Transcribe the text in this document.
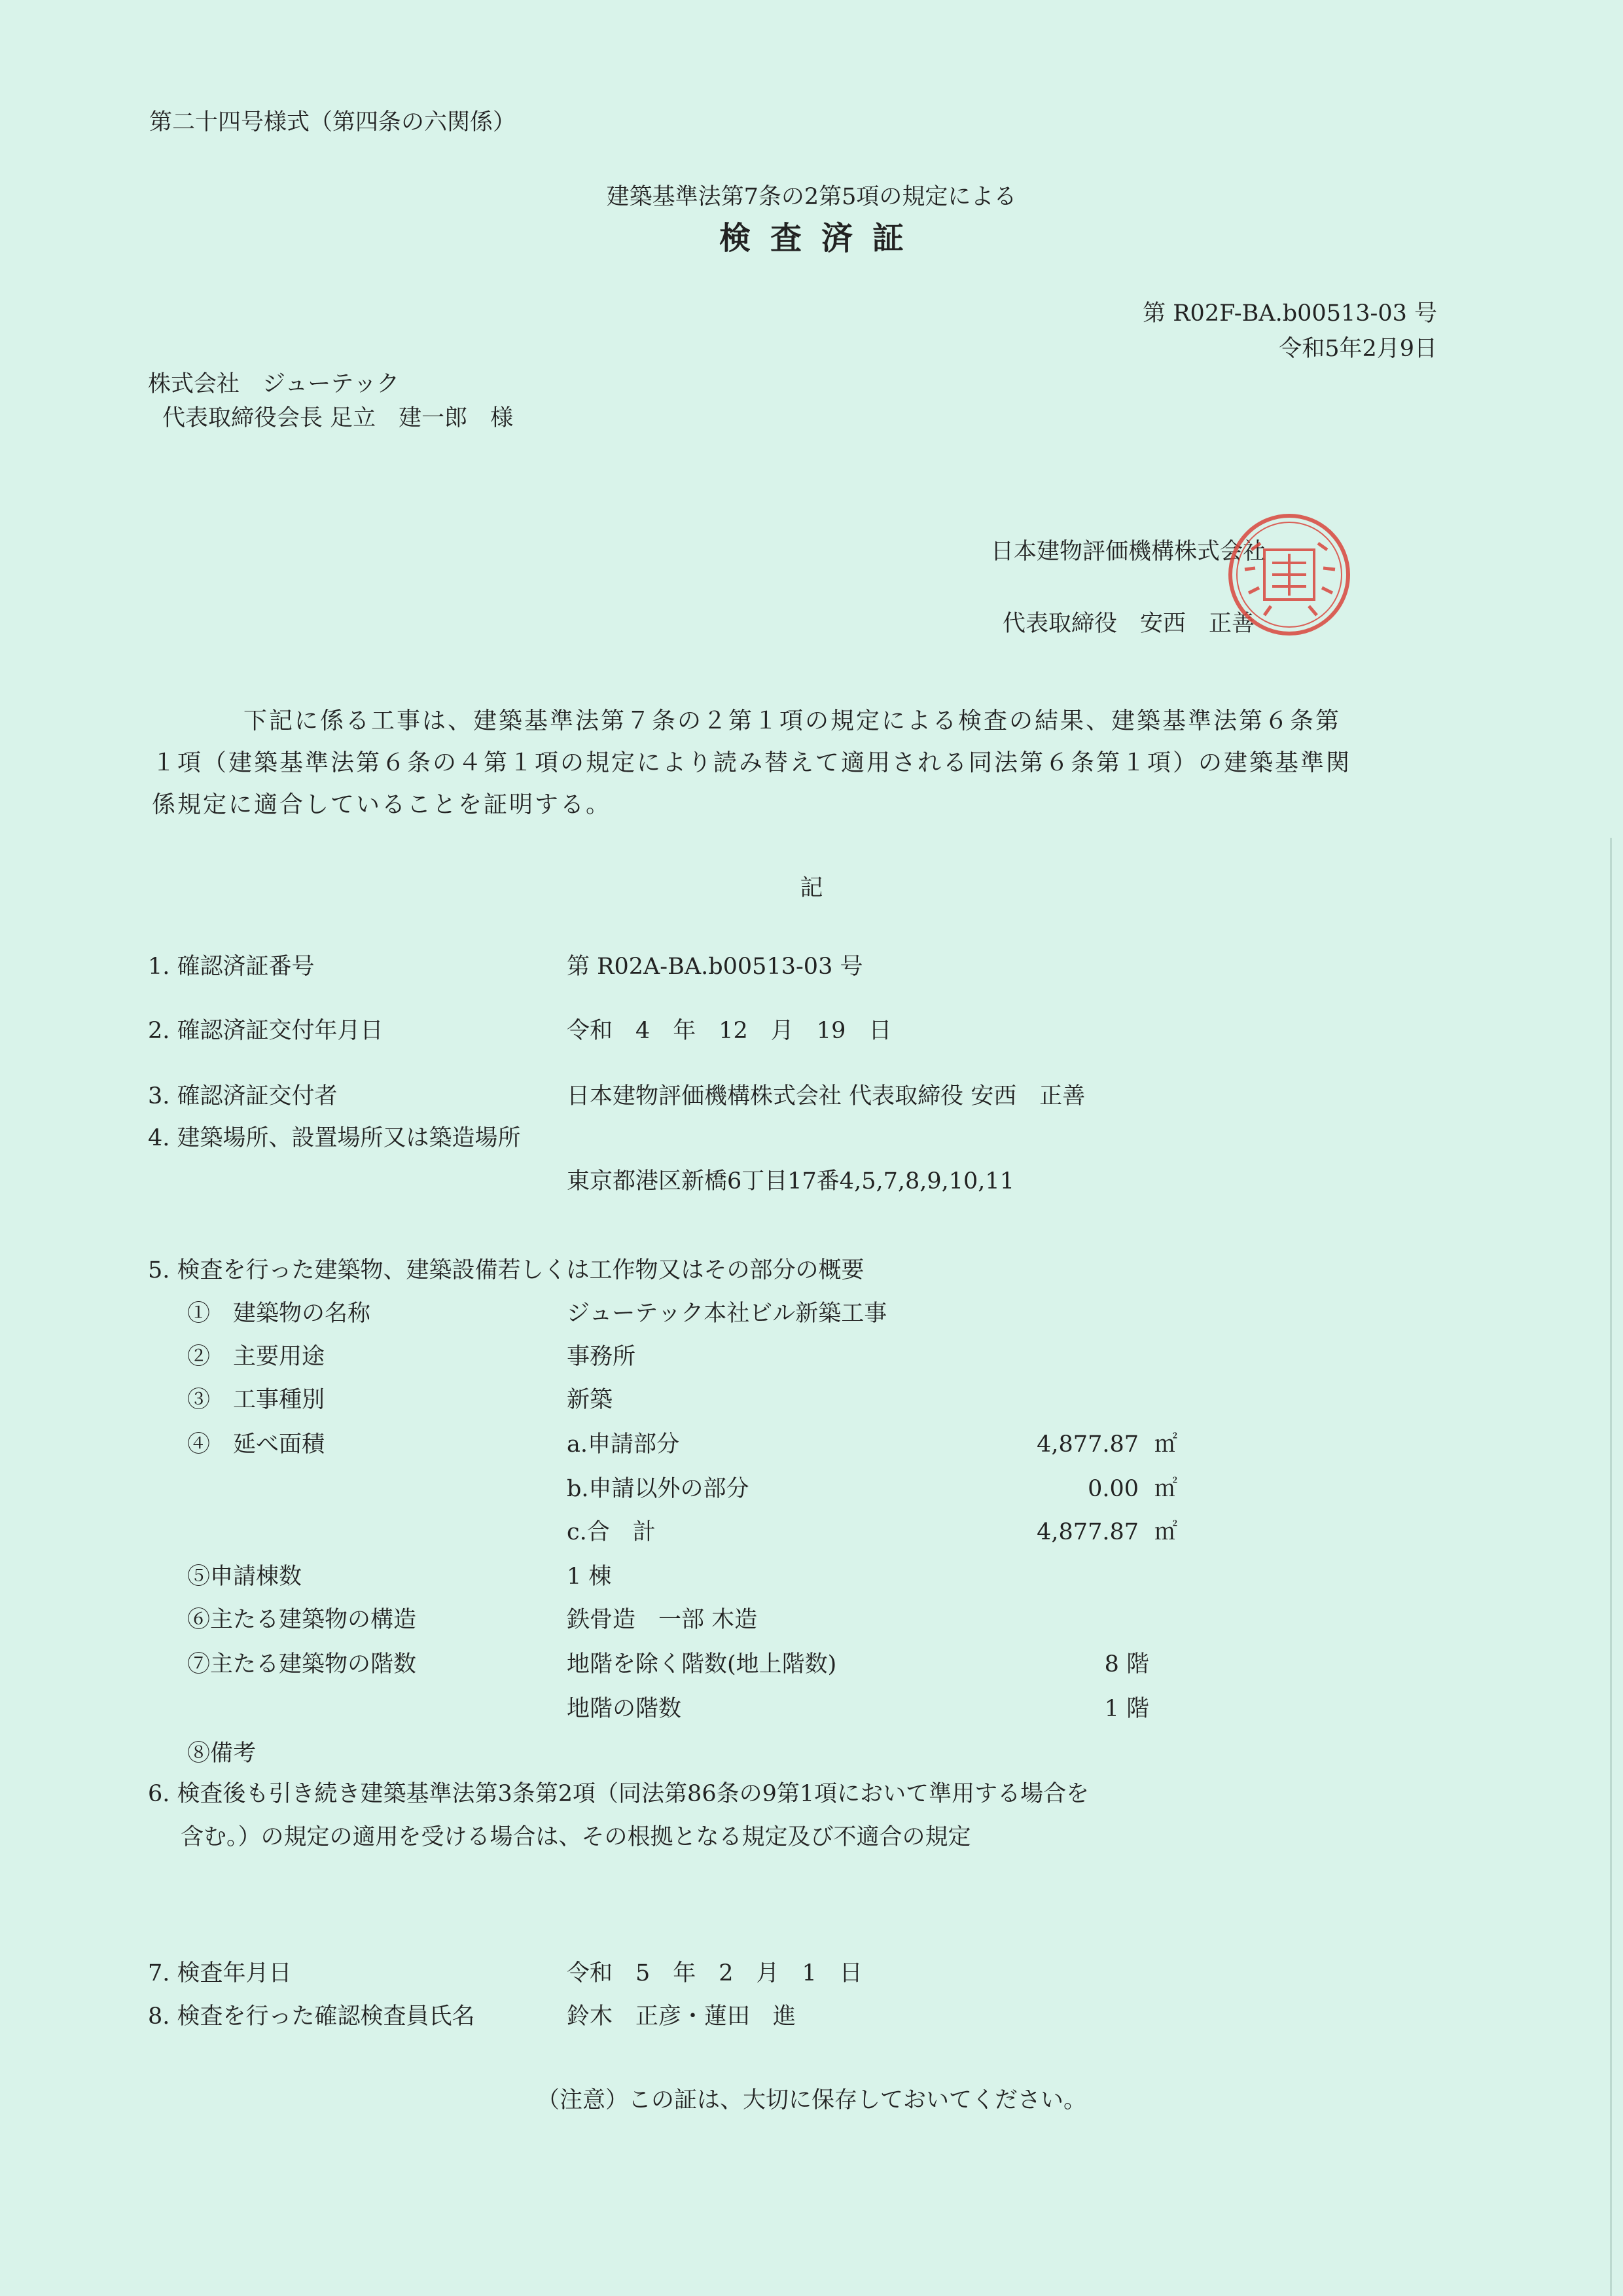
第二十四号様式（第四条の六関係）
建築基準法第7条の2第5項の規定による
検査済証
第 R02F-BA.b00513-03 号
令和5年2月9日
株式会社　ジューテック
代表取締役会長 足立　建一郎　様
日本建物評価機構株式会社
代表取締役　安西　正善
下記に係る工事は、建築基準法第７条の２第１項の規定による検査の結果、建築基準法第６条第１項（建築基準法第６条の４第１項の規定により読み替えて適用される同法第６条第１項）の建築基準関係規定に適合していることを証明する。
記
1. 確認済証番号	第 R02A-BA.b00513-03 号
2. 確認済証交付年月日	令和　4　年　12　月　19　日
3. 確認済証交付者	日本建物評価機構株式会社 代表取締役 安西　正善
4. 建築場所、設置場所又は築造場所
東京都港区新橋6丁目17番4,5,7,8,9,10,11
5. 検査を行った建築物、建築設備若しくは工作物又はその部分の概要
①　建築物の名称	ジューテック本社ビル新築工事
②　主要用途	事務所
③　工事種別	新築
④　延べ面積	a.申請部分	4,877.87 ㎡
b.申請以外の部分	0.00 ㎡
c.合　計	4,877.87 ㎡
⑤申請棟数	1 棟
⑥主たる建築物の構造	鉄骨造　一部 木造
⑦主たる建築物の階数	地階を除く階数(地上階数)	8 階
地階の階数	1 階
⑧備考
6. 検査後も引き続き建築基準法第3条第2項（同法第86条の9第1項において準用する場合を
含む。）の規定の適用を受ける場合は、その根拠となる規定及び不適合の規定
7. 検査年月日	令和　5　年　2　月　1　日
8. 検査を行った確認検査員氏名	鈴木　正彦・蓮田　進
（注意）この証は、大切に保存しておいてください。
